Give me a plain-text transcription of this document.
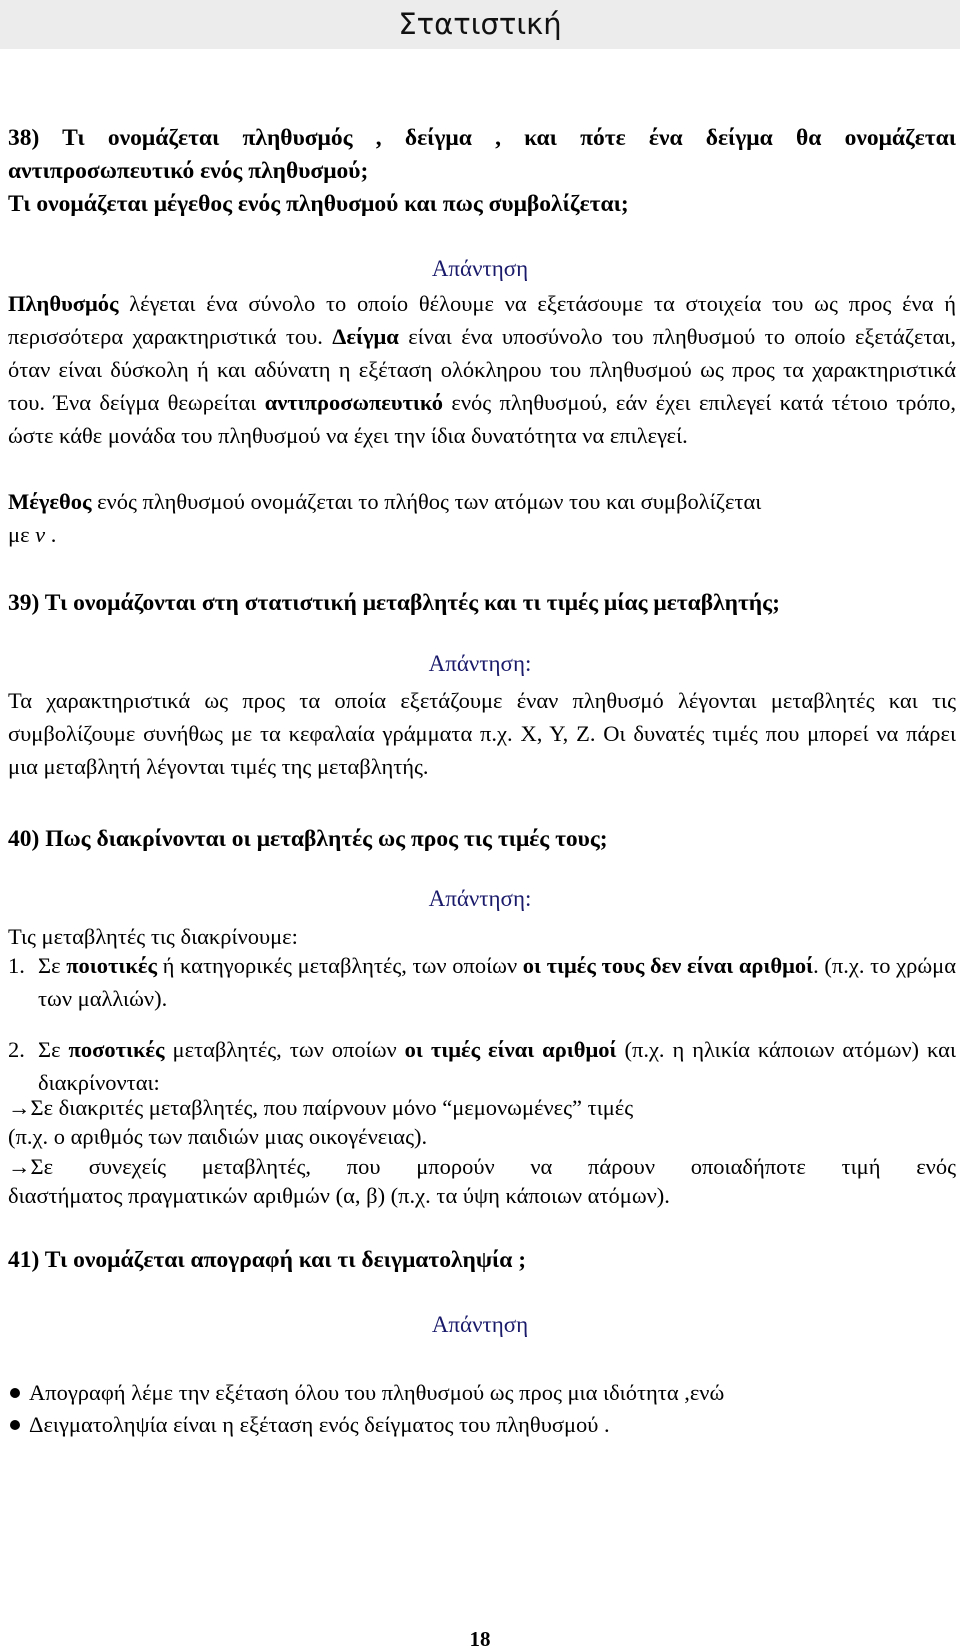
Στατιστική
38) Τι ονομάζεται πληθυσμός , δείγμα , και πότε ένα δείγμα θα ονομάζεται
αντιπροσωπευτικό ενός πληθυσμού;
Τι ονομάζεται μέγεθος ενός πληθυσμού και πως συμβολίζεται;
Απάντηση
Πληθυσμός λέγεται ένα σύνολο το οποίο θέλουμε να εξετάσουμε τα στοιχεία του ως προς ένα ή περισσότερα χαρακτηριστικά του. Δείγμα είναι ένα υποσύνολο του πληθυσμού το οποίο εξετάζεται, όταν είναι δύσκολη ή και αδύνατη η εξέταση ολόκληρου του πληθυσμού ως προς τα χαρακτηριστικά του. Ένα δείγμα θεωρείται αντιπροσωπευτικό ενός πληθυσμού, εάν έχει επιλεγεί κατά τέτοιο τρόπο, ώστε κάθε μονάδα του πληθυσμού να έχει την ίδια δυνατότητα να επιλεγεί.
Μέγεθος ενός πληθυσμού ονομάζεται το πλήθος των ατόμων του και συμβολίζεται
με ν .
39) Τι ονομάζονται στη στατιστική μεταβλητές και τι τιμές μίας μεταβλητής;
Απάντηση:
Τα χαρακτηριστικά ως προς τα οποία εξετάζουμε έναν πληθυσμό λέγονται μεταβλητές και τις συμβολίζουμε συνήθως με τα κεφαλαία γράμματα π.χ. Χ, Υ, Ζ. Οι δυνατές τιμές που μπορεί να πάρει μια μεταβλητή λέγονται τιμές της μεταβλητής.
40) Πως διακρίνονται οι μεταβλητές ως προς τις τιμές τους;
Απάντηση:
Τις μεταβλητές τις διακρίνουμε:
1. Σε ποιοτικές ή κατηγορικές μεταβλητές, των οποίων οι τιμές τους δεν είναι αριθμοί. (π.χ. το χρώμα των μαλλιών).
2. Σε ποσοτικές μεταβλητές, των οποίων οι τιμές είναι αριθμοί (π.χ. η ηλικία κάποιων ατόμων) και διακρίνονται:
→Σε διακριτές μεταβλητές, που παίρνουν μόνο “μεμονωμένες” τιμές
(π.χ. ο αριθμός των παιδιών μιας οικογένειας).
→Σε συνεχείς μεταβλητές, που μπορούν να πάρουν οποιαδήποτε τιμή ενός
διαστήματος πραγματικών αριθμών (α, β) (π.χ. τα ύψη κάποιων ατόμων).
41) Τι ονομάζεται απογραφή και τι δειγματοληψία ;
Απάντηση
Απογραφή λέμε την εξέταση όλου του πληθυσμού ως προς μια ιδιότητα ,ενώ
Δειγματοληψία είναι η εξέταση ενός δείγματος του πληθυσμού .
18
